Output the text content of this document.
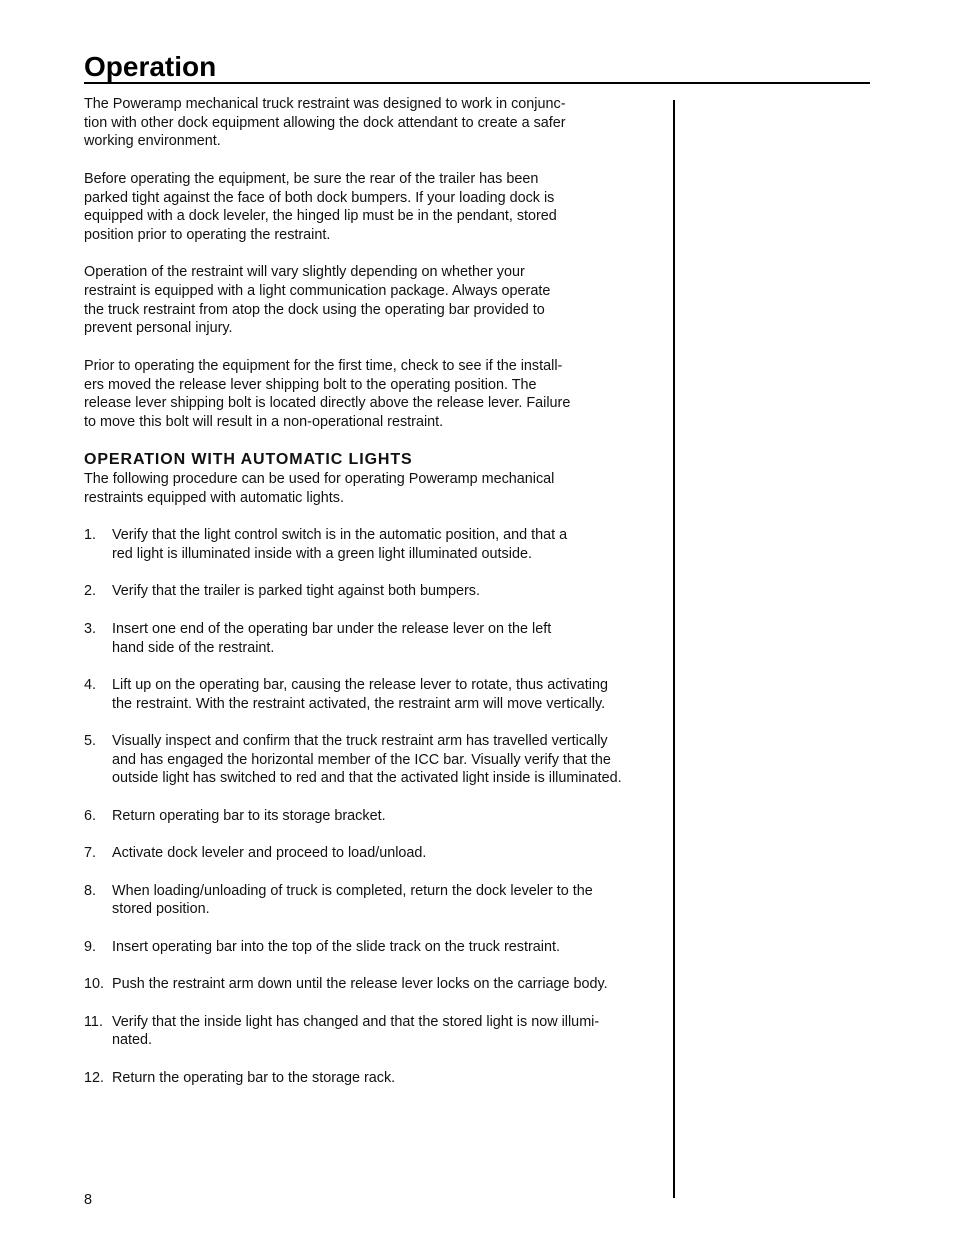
Operation

The Poweramp mechanical truck restraint was designed to work in conjunc-
tion with other dock equipment allowing the dock attendant to create a safer
working environment.

Before operating the equipment, be sure the rear of the trailer has been
parked tight against the face of both dock bumpers. If your loading dock is
equipped with a dock leveler, the hinged lip must be in the pendant, stored
position prior to operating the restraint.

Operation of the restraint will vary slightly depending on whether your
restraint is equipped with a light communication package. Always operate
the truck restraint from atop the dock using the operating bar provided to
prevent personal injury.

Prior to operating the equipment for the first time, check to see if the install-
ers moved the release lever shipping bolt to the operating position. The
release lever shipping bolt is located directly above the release lever. Failure
to move this bolt will result in a non-operational restraint.

OPERATION WITH AUTOMATIC LIGHTS

The following procedure can be used for operating Poweramp mechanical
restraints equipped with automatic lights.

1.	Verify that the light control switch is in the automatic position, and that a
red light is illuminated inside with a green light illuminated outside.
2.	Verify that the trailer is parked tight against both bumpers.
3.	Insert one end of the operating bar under the release lever on the left
hand side of the restraint.
4.	Lift up on the operating bar, causing the release lever to rotate, thus activating
the restraint. With the restraint activated, the restraint arm will move vertically.
5.	Visually inspect and confirm that the truck restraint arm has travelled vertically
and has engaged the horizontal member of the ICC bar. Visually verify that the
outside light has switched to red and that the activated light inside is illuminated.
6.	Return operating bar to its storage bracket.
7.	Activate dock leveler and proceed to load/unload.
8.	When loading/unloading of truck is completed, return the dock leveler to the
stored position.
9.	Insert operating bar into the top of the slide track on the truck restraint.
10. Push the restraint arm down until the release lever locks on the carriage body.
11. Verify that the inside light has changed and that the stored light is now illumi-
nated.
12. Return the operating bar to the storage rack.
8
